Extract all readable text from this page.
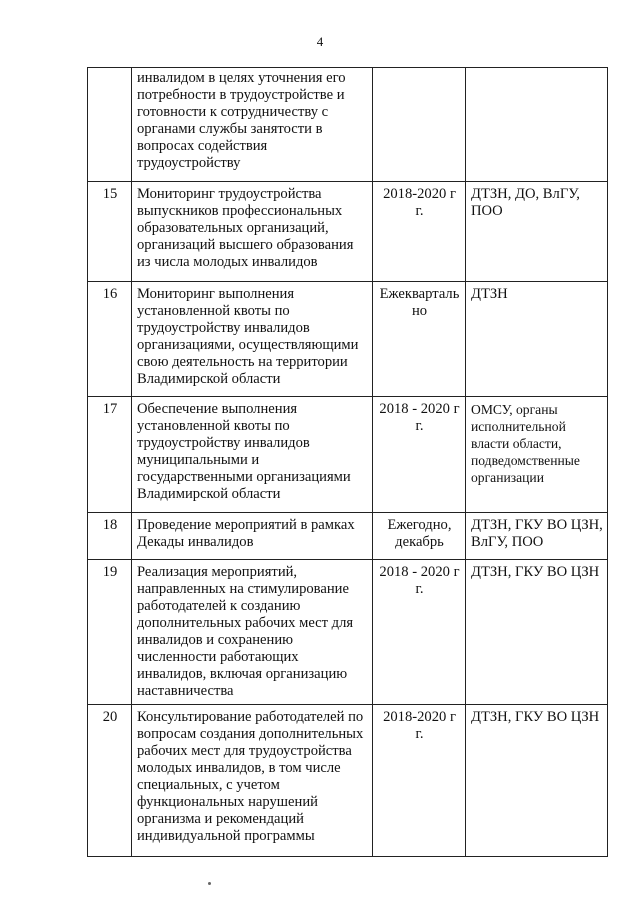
4
	инвалидом в целях уточнения его потребности в трудоустройстве и готовности к сотрудничеству с органами службы занятости в вопросах содействия трудоустройству		
15	Мониторинг трудоустройства выпускников профессиональных образовательных организаций, организаций высшего образования из числа молодых инвалидов	2018-2020 г г.	ДТЗН, ДО, ВлГУ, ПОО
16	Мониторинг выполнения установленной квоты по трудоустройству инвалидов организациями, осуществляющими свою деятельность на территории Владимирской области	Ежекварталь но	ДТЗН
17	Обеспечение выполнения установленной квоты по трудоустройству инвалидов муниципальными и государственными организациями Владимирской области	2018 - 2020 г г.	ОМСУ, органы исполнительной власти области, подведомственные организации
18	Проведение мероприятий в рамках Декады инвалидов	Ежегодно, декабрь	ДТЗН, ГКУ ВО ЦЗН, ВлГУ, ПОО
19	Реализация мероприятий, направленных на стимулирование работодателей к созданию дополнительных рабочих мест для инвалидов и сохранению численности работающих инвалидов, включая организацию наставничества	2018 - 2020 г г.	ДТЗН, ГКУ ВО ЦЗН
20	Консультирование работодателей по вопросам создания дополнительных рабочих мест для трудоустройства молодых инвалидов, в том числе специальных, с учетом функциональных нарушений организма и рекомендаций индивидуальной программы	2018-2020 г г.	ДТЗН, ГКУ ВО ЦЗН
